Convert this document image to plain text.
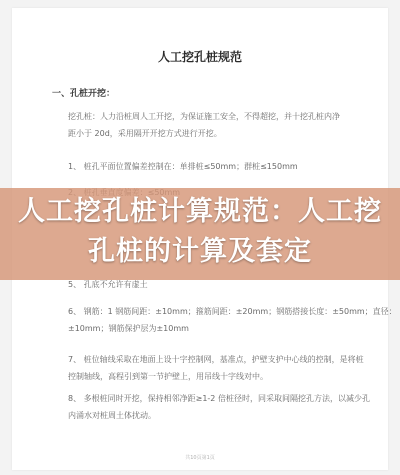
人工挖孔桩规范
一、孔桩开挖：
挖孔桩：人力沿桩周人工开挖，为保证施工安全，不得超挖，并十挖孔桩内净
距小于 20d，采用隔开开挖方式进行开挖。
1、 桩孔平面位置偏差控制在：单排桩≤50mm；群桩≤150mm
5、 孔底不允许有虚土
6、 钢筋：1 钢筋间距：±10mm；箍筋间距：±20mm；钢筋搭接长度：±50mm；直径：
±10mm；钢筋保护层为±10mm
7、 桩位轴线采取在地面上设十字控制网，基准点，护壁支护中心线的控制，是将桩
控制轴线，高程引到第一节护壁上，用吊线十字线对中。
8、 多根桩同时开挖，保持相邻净距≥1-2 倍桩径时，同采取间隔挖孔方法，以减少孔
内涌水对桩周土体扰动。
共10页第1页
人工挖孔桩计算规范：人工挖孔桩的计算及套定
